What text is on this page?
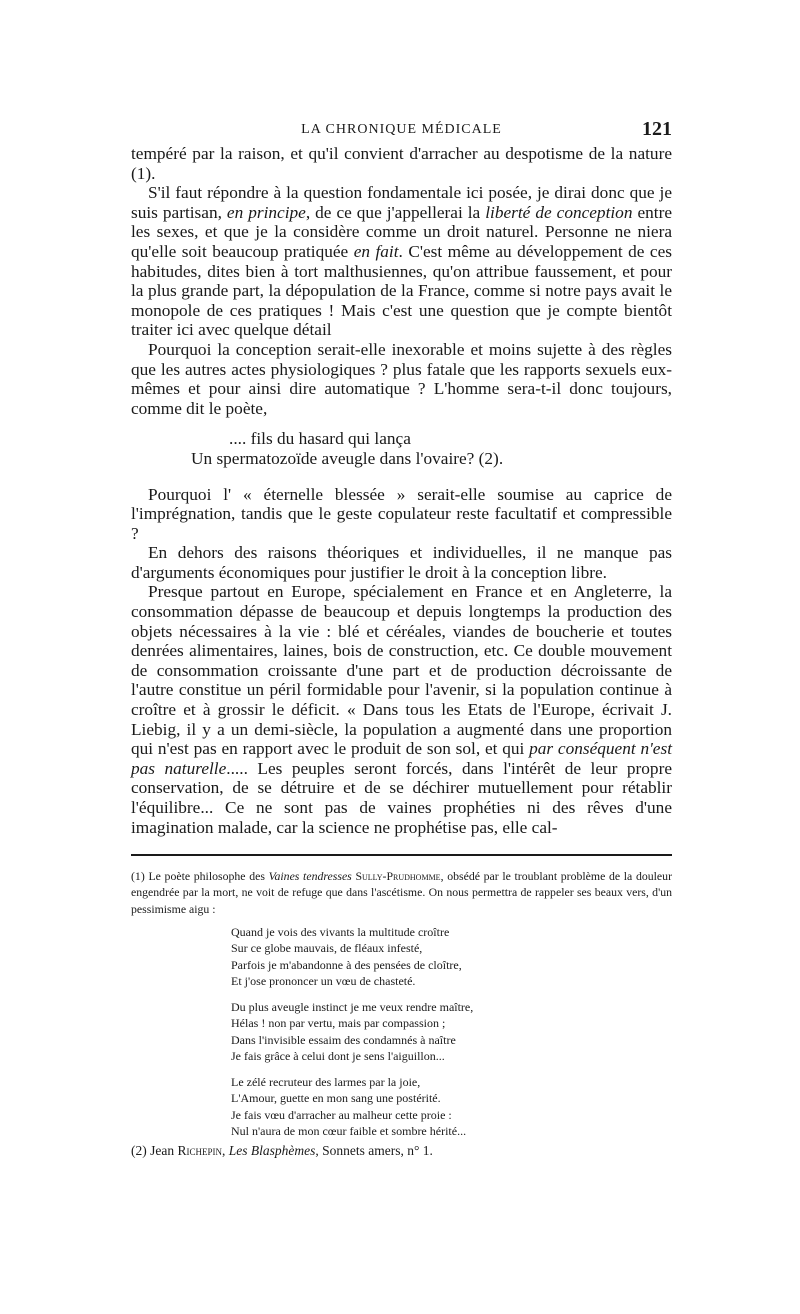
LA CHRONIQUE MÉDICALE	121

tempéré par la raison, et qu'il convient d'arracher au despotisme de la nature (1).

S'il faut répondre à la question fondamentale ici posée, je dirai donc que je suis partisan, en principe, de ce que j'appellerai la liberté de conception entre les sexes, et que je la considère comme un droit naturel. Personne ne niera qu'elle soit beaucoup pratiquée en fait. C'est même au développement de ces habitudes, dites bien à tort malthusiennes, qu'on attribue faussement, et pour la plus grande part, la dépopulation de la France, comme si notre pays avait le monopole de ces pratiques ! Mais c'est une question que je compte bientôt traiter ici avec quelque détail

Pourquoi la conception serait-elle inexorable et moins sujette à des règles que les autres actes physiologiques ? plus fatale que les rapports sexuels eux-mêmes et pour ainsi dire automatique ? L'homme sera-t-il donc toujours, comme dit le poète,

.... fils du hasard qui lança
Un spermatozoïde aveugle dans l'ovaire? (2).

Pourquoi l' « éternelle blessée » serait-elle soumise au caprice de l'imprégnation, tandis que le geste copulateur reste facultatif et compressible ?

En dehors des raisons théoriques et individuelles, il ne manque pas d'arguments économiques pour justifier le droit à la conception libre.

Presque partout en Europe, spécialement en France et en Angleterre, la consommation dépasse de beaucoup et depuis longtemps la production des objets nécessaires à la vie : blé et céréales, viandes de boucherie et toutes denrées alimentaires, laines, bois de construction, etc. Ce double mouvement de consommation croissante d'une part et de production décroissante de l'autre constitue un péril formidable pour l'avenir, si la population continue à croître et à grossir le déficit. « Dans tous les Etats de l'Europe, écrivait J. Liebig, il y a un demi-siècle, la population a augmenté dans une proportion qui n'est pas en rapport avec le produit de son sol, et qui par conséquent n'est pas naturelle..... Les peuples seront forcés, dans l'intérêt de leur propre conservation, de se détruire et de se déchirer mutuellement pour rétablir l'équilibre... Ce ne sont pas de vaines prophéties ni des rêves d'une imagination malade, car la science ne prophétise pas, elle cal-

(1) Le poète philosophe des Vaines tendresses Sully-Prudhomme, obsédé par le troublant problème de la douleur engendrée par la mort, ne voit de refuge que dans l'ascétisme. On nous permettra de rappeler ses beaux vers, d'un pessimisme aigu :

Quand je vois des vivants la multitude croître
Sur ce globe mauvais, de fléaux infesté,
Parfois je m'abandonne à des pensées de cloître,
Et j'ose prononcer un vœu de chasteté.
Du plus aveugle instinct je me veux rendre maître,
Hélas ! non par vertu, mais par compassion ;
Dans l'invisible essaim des condamnés à naître
Je fais grâce à celui dont je sens l'aiguillon...
Le zélé recruteur des larmes par la joie,
L'Amour, guette en mon sang une postérité.
Je fais vœu d'arracher au malheur cette proie :
Nul n'aura de mon cœur faible et sombre hérité...

(2) Jean Richepin, Les Blasphèmes, Sonnets amers, n° 1.
